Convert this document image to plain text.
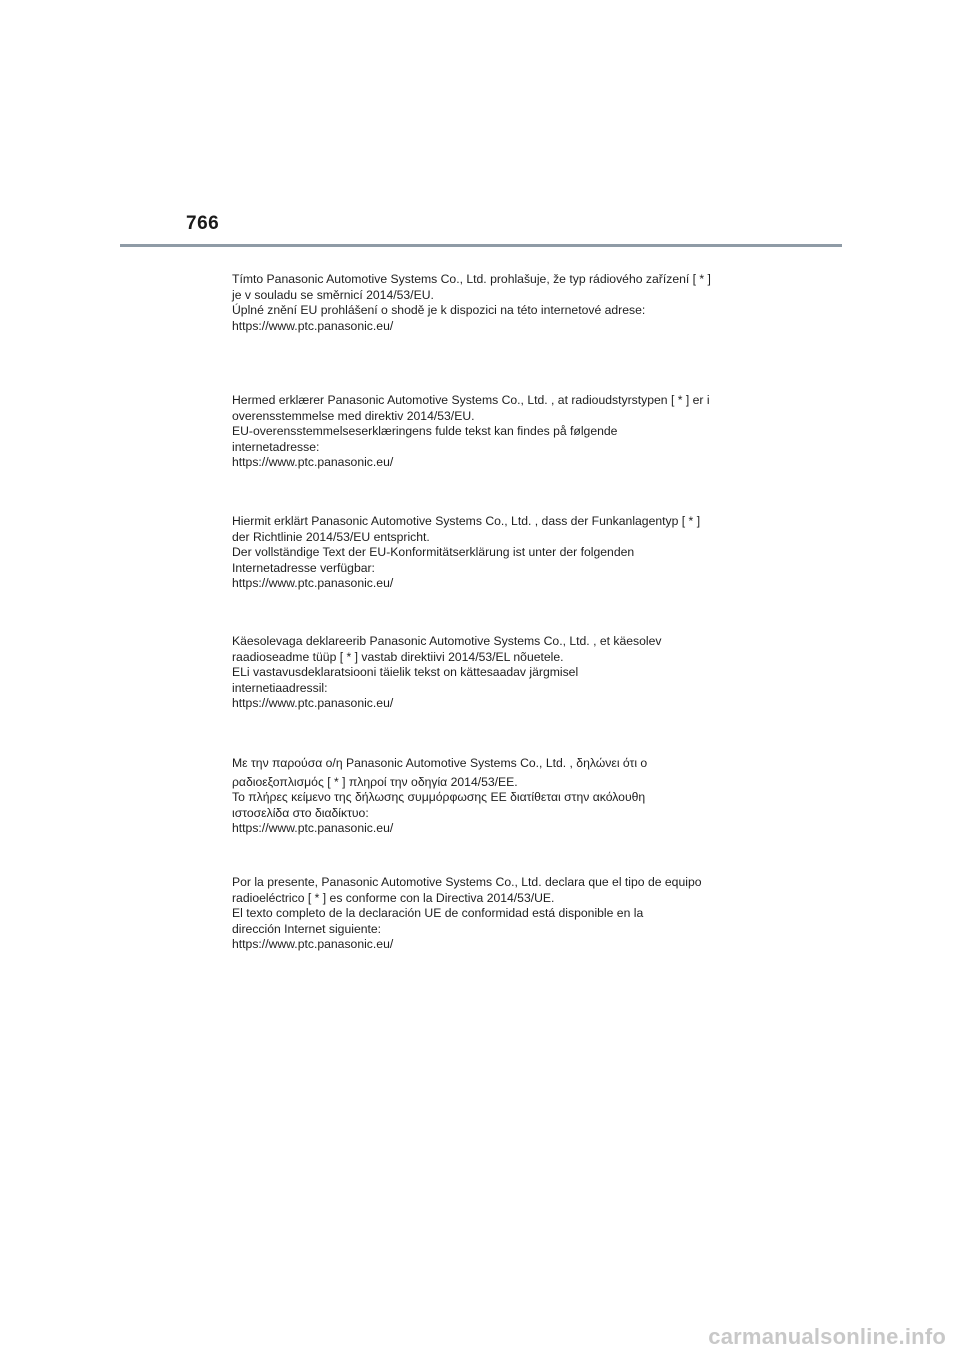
766
Tímto Panasonic Automotive Systems Co., Ltd. prohlašuje, že typ rádiového zařízení [ * ]
je v souladu se směrnicí 2014/53/EU.
Úplné znění EU prohlášení o shodě je k dispozici na této internetové adrese:
https://www.ptc.panasonic.eu/
Hermed erklærer Panasonic Automotive Systems Co., Ltd. , at radioudstyrstypen [ * ] er i
overensstemmelse med direktiv 2014/53/EU.
EU-overensstemmelseserklæringens fulde tekst kan findes på følgende
internetadresse:
https://www.ptc.panasonic.eu/
Hiermit erklärt Panasonic Automotive Systems Co., Ltd. , dass der Funkanlagentyp [ * ]
der Richtlinie 2014/53/EU entspricht.
Der vollständige Text der EU-Konformitätserklärung ist unter der folgenden
Internetadresse verfügbar:
https://www.ptc.panasonic.eu/
Käesolevaga deklareerib Panasonic Automotive Systems Co., Ltd. , et käesolev
raadioseadme tüüp [ * ] vastab direktiivi 2014/53/EL nõuetele.
ELi vastavusdeklaratsiooni täielik tekst on kättesaadav järgmisel
internetiaadressil:
https://www.ptc.panasonic.eu/
Με την παρούσα ο/η Panasonic Automotive Systems Co., Ltd. , δηλώνει ότι ο
ραδιοεξοπλισμός [ * ] πληροί την οδηγία 2014/53/ΕΕ.
Το πλήρες κείμενο της δήλωσης συμμόρφωσης ΕΕ διατίθεται στην ακόλουθη
ιστοσελίδα στο διαδίκτυο:
https://www.ptc.panasonic.eu/
Por la presente, Panasonic Automotive Systems Co., Ltd. declara que el tipo de equipo
radioeléctrico [ * ] es conforme con la Directiva 2014/53/UE.
El texto completo de la declaración UE de conformidad está disponible en la
dirección Internet siguiente:
https://www.ptc.panasonic.eu/
carmanualsonline.info
